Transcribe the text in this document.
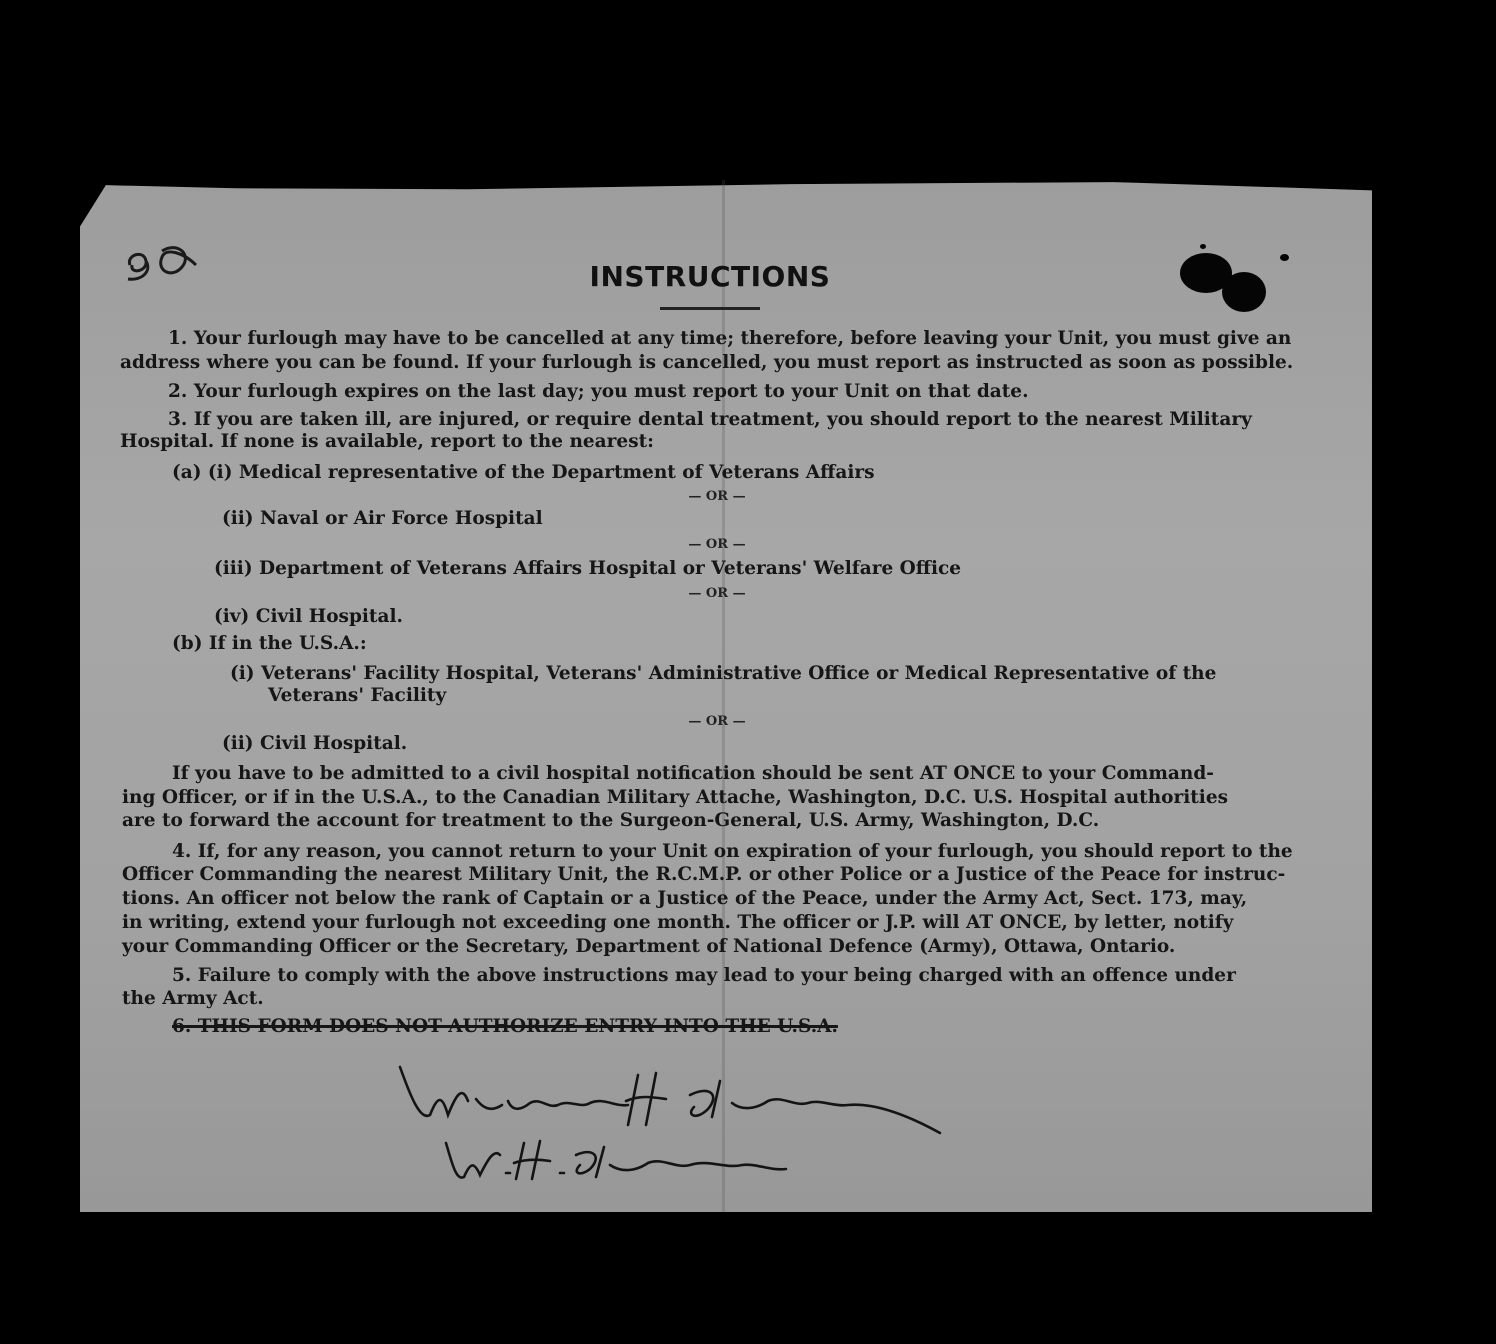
INSTRUCTIONS
1. Your furlough may have to be cancelled at any time; therefore, before leaving your Unit, you must give an
address where you can be found. If your furlough is cancelled, you must report as instructed as soon as possible.
2. Your furlough expires on the last day; you must report to your Unit on that date.
3. If you are taken ill, are injured, or require dental treatment, you should report to the nearest Military
Hospital. If none is available, report to the nearest:
(a) (i) Medical representative of the Department of Veterans Affairs
— OR —
(ii) Naval or Air Force Hospital
— OR —
(iii) Department of Veterans Affairs Hospital or Veterans' Welfare Office
— OR —
(iv) Civil Hospital.
(b) If in the U.S.A.:
(i) Veterans' Facility Hospital, Veterans' Administrative Office or Medical Representative of the
Veterans' Facility
— OR —
(ii) Civil Hospital.
If you have to be admitted to a civil hospital notification should be sent AT ONCE to your Command-
ing Officer, or if in the U.S.A., to the Canadian Military Attache, Washington, D.C. U.S. Hospital authorities
are to forward the account for treatment to the Surgeon-General, U.S. Army, Washington, D.C.
4. If, for any reason, you cannot return to your Unit on expiration of your furlough, you should report to the
Officer Commanding the nearest Military Unit, the R.C.M.P. or other Police or a Justice of the Peace for instruc-
tions. An officer not below the rank of Captain or a Justice of the Peace, under the Army Act, Sect. 173, may,
in writing, extend your furlough not exceeding one month. The officer or J.P. will AT ONCE, by letter, notify
your Commanding Officer or the Secretary, Department of National Defence (Army), Ottawa, Ontario.
5. Failure to comply with the above instructions may lead to your being charged with an offence under
the Army Act.
6. THIS FORM DOES NOT AUTHORIZE ENTRY INTO THE U.S.A.
